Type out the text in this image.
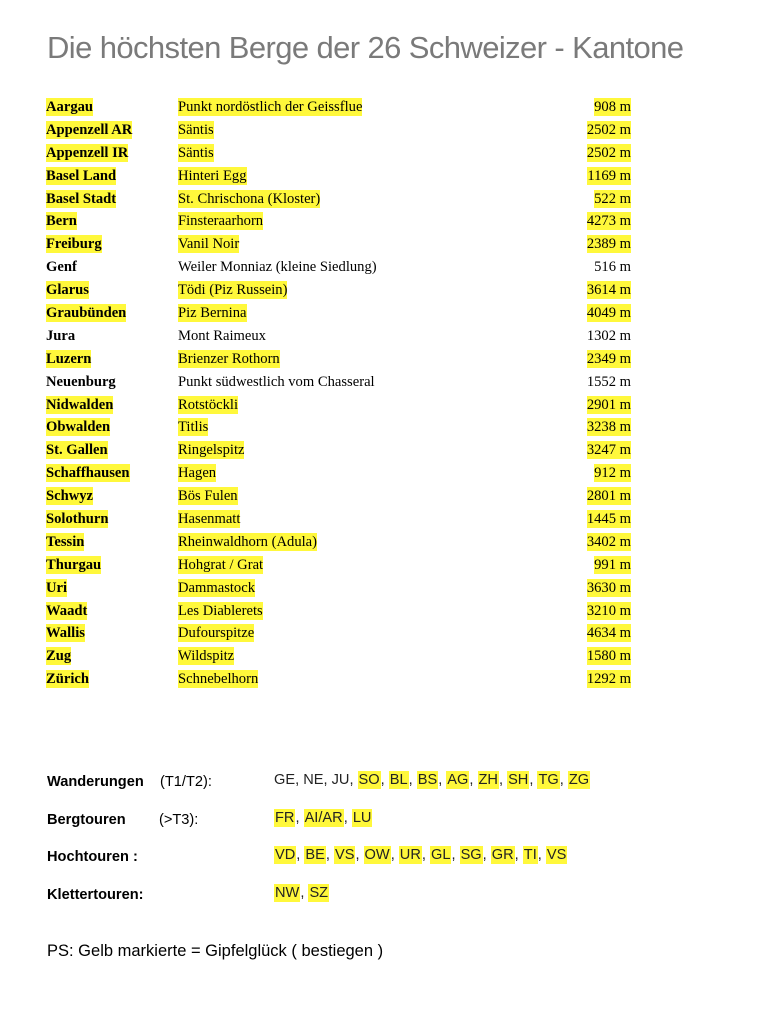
Die höchsten Berge der 26 Schweizer - Kantone
Aargau	Punkt nordöstlich der Geissflue	908 m
Appenzell AR	Säntis	2502 m
Appenzell IR	Säntis	2502 m
Basel Land	Hinteri Egg	1169 m
Basel Stadt	St. Chrischona (Kloster)	522 m
Bern	Finsteraarhorn	4273 m
Freiburg	Vanil Noir	2389 m
Genf	Weiler Monniaz (kleine Siedlung)	516 m
Glarus	Tödi (Piz Russein)	3614 m
Graubünden	Piz Bernina	4049 m
Jura	Mont Raimeux	1302 m
Luzern	Brienzer Rothorn	2349 m
Neuenburg	Punkt südwestlich vom Chasseral	1552 m
Nidwalden	Rotstöckli	2901 m
Obwalden	Titlis	3238 m
St. Gallen	Ringelspitz	3247 m
Schaffhausen	Hagen	912 m
Schwyz	Bös Fulen	2801 m
Solothurn	Hasenmatt	1445 m
Tessin	Rheinwaldhorn (Adula)	3402 m
Thurgau	Hohgrat / Grat	991 m
Uri	Dammastock	3630 m
Waadt	Les Diablerets	3210 m
Wallis	Dufourspitze	4634 m
Zug	Wildspitz	1580 m
Zürich	Schnebelhorn	1292 m
Wanderungen (T1/T2):	GE, NE, JU, SO, BL, BS, AG, ZH, SH, TG, ZG
Bergtouren (>T3):	FR, AI/AR, LU
Hochtouren :	VD, BE, VS, OW, UR, GL, SG, GR, TI, VS
Klettertouren:	NW, SZ
PS: Gelb markierte = Gipfelglück ( bestiegen )
